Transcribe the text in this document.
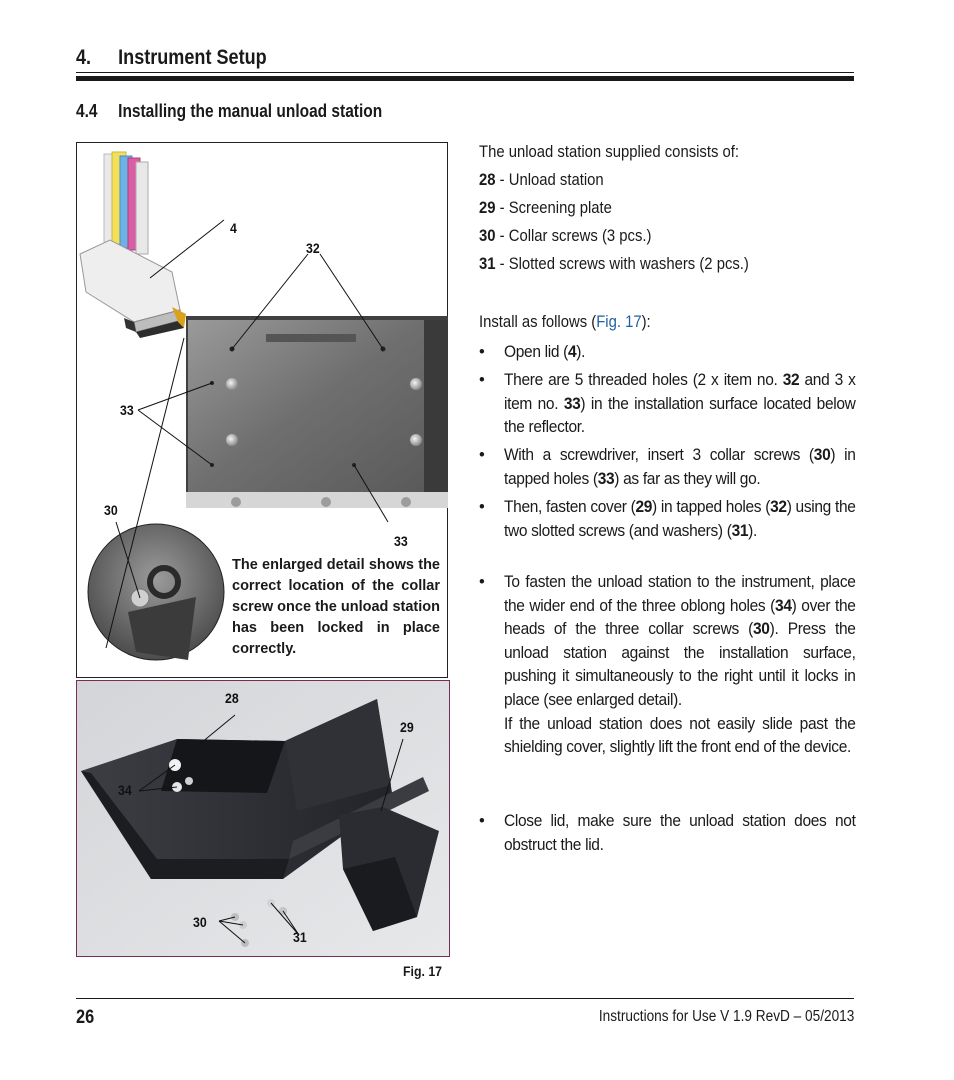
4. Instrument Setup
4.4 Installing the manual unload station
4
32
33
33
30
The enlarged detail shows the correct location of the collar screw once the unload station has been locked in place correctly.
28
29
34
30
31
Fig. 17
The unload station supplied consists of:
28 - Unload station
29 - Screening plate
30 - Collar screws (3 pcs.)
31 - Slotted screws with washers (2 pcs.)
Install as follows (Fig. 17):
• Open lid (4).
• There are 5 threaded holes (2 x item no. 32 and 3 x item no. 33) in the installation surface located below the reflector.
• With a screwdriver, insert 3 collar screws (30) in tapped holes (33) as far as they will go.
• Then, fasten cover (29) in tapped holes (32) using the two slotted screws (and washers) (31).
• To fasten the unload station to the instrument, place the wider end of the three oblong holes (34) over the heads of the three collar screws (30). Press the unload station against the installation surface, pushing it simultaneously to the right until it locks in place (see enlarged detail).
If the unload station does not easily slide past the shielding cover, slightly lift the front end of the device.
• Close lid, make sure the unload station does not obstruct the lid.
26	Instructions for Use V 1.9 RevD – 05/2013
